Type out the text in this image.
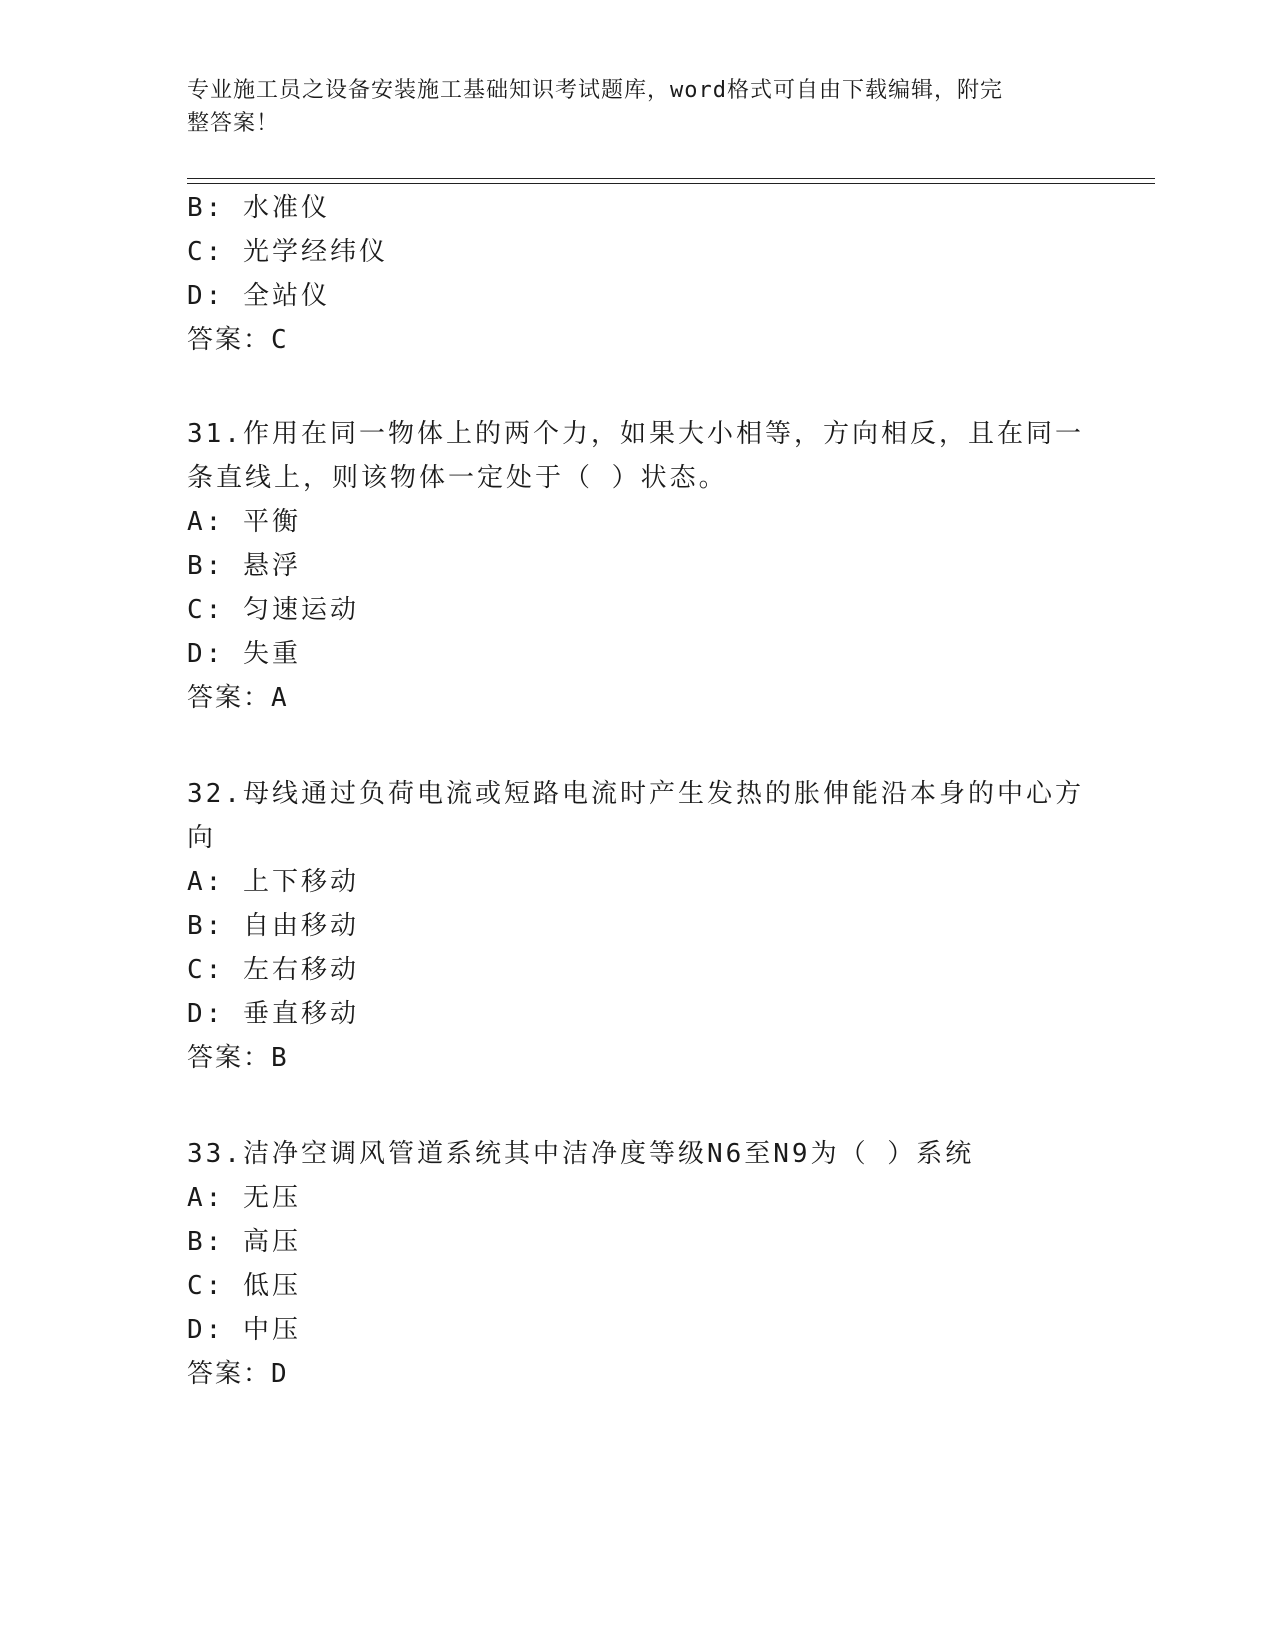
专业施工员之设备安装施工基础知识考试题库，word格式可自由下载编辑，附完
整答案！
B: 水准仪
C: 光学经纬仪
D: 全站仪
答案：C
31.作用在同一物体上的两个力，如果大小相等，方向相反，且在同一
条直线上，则该物体一定处于（ ）状态。
A: 平衡
B: 悬浮
C: 匀速运动
D: 失重
答案：A
32.母线通过负荷电流或短路电流时产生发热的胀伸能沿本身的中心方
向
A: 上下移动
B: 自由移动
C: 左右移动
D: 垂直移动
答案：B
33.洁净空调风管道系统其中洁净度等级N6至N9为（ ）系统
A: 无压
B: 高压
C: 低压
D: 中压
答案：D
